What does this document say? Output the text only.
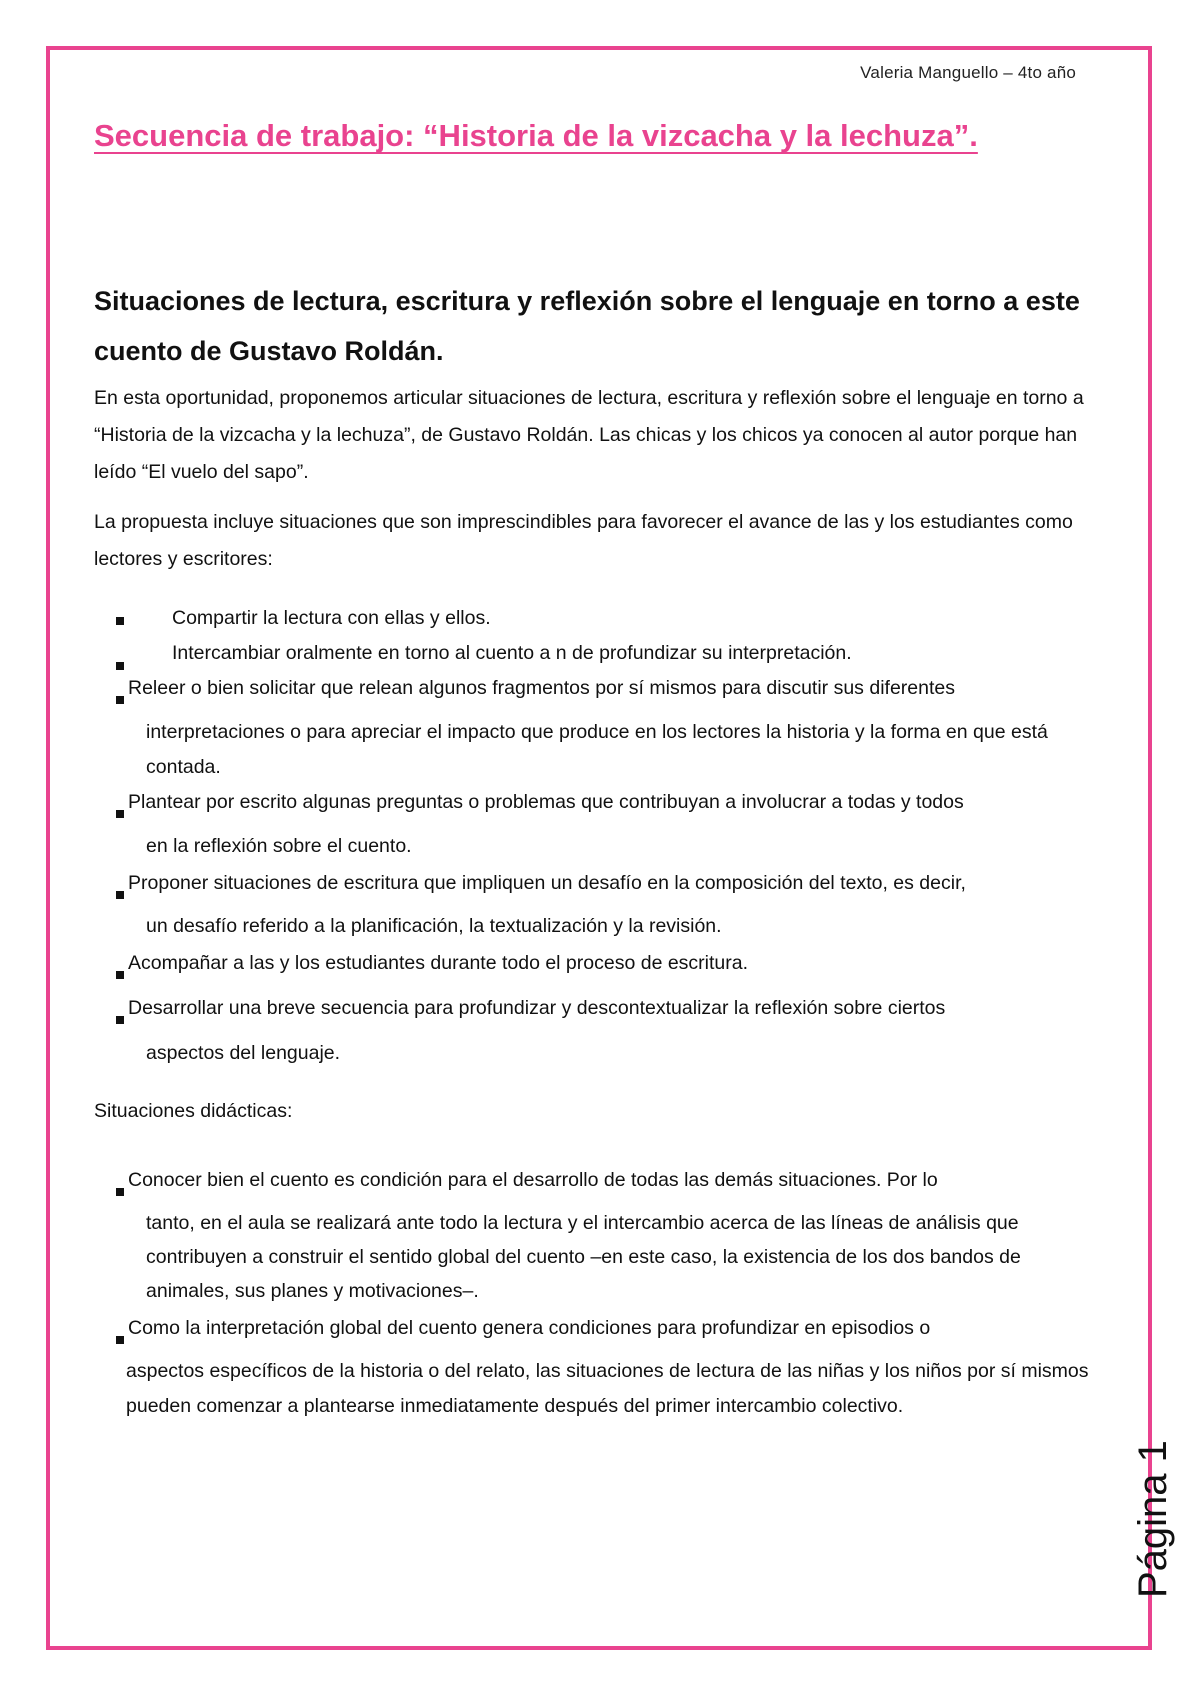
Valeria Manguello – 4to año
Secuencia de trabajo: “Historia de la vizcacha y la lechuza”.
Situaciones de lectura, escritura y reflexión sobre el lenguaje en torno a este cuento de Gustavo Roldán.
En esta oportunidad, proponemos articular situaciones de lectura, escritura y reflexión sobre el lenguaje en torno a “Historia de la vizcacha y la lechuza”, de Gustavo Roldán. Las chicas y los chicos ya conocen al autor porque han leído “El vuelo del sapo”.
La propuesta incluye situaciones que son imprescindibles para favorecer el avance de las y los estudiantes como lectores y escritores:
Compartir la lectura con ellas y ellos.
Intercambiar oralmente en torno al cuento a n de profundizar su interpretación.
Releer o bien solicitar que relean algunos fragmentos por sí mismos para discutir sus diferentes
interpretaciones o para apreciar el impacto que produce en los lectores la historia y la forma en que está contada.
Plantear por escrito algunas preguntas o problemas que contribuyan a involucrar a todas y todos
en la reflexión sobre el cuento.
Proponer situaciones de escritura que impliquen un desafío en la composición del texto, es decir,
un desafío referido a la planificación, la textualización y la revisión.
Acompañar a las y los estudiantes durante todo el proceso de escritura.
Desarrollar una breve secuencia para profundizar y descontextualizar la reflexión sobre ciertos
aspectos del lenguaje.
Situaciones didácticas:
Conocer bien el cuento es condición para el desarrollo de todas las demás situaciones. Por lo
tanto, en el aula se realizará ante todo la lectura y el intercambio acerca de las líneas de análisis que contribuyen a construir el sentido global del cuento –en este caso, la existencia de los dos bandos de animales, sus planes y motivaciones–.
Como la interpretación global del cuento genera condiciones para profundizar en episodios o
aspectos específicos de la historia o del relato, las situaciones de lectura de las niñas y los niños por sí mismos pueden comenzar a plantearse inmediatamente después del primer intercambio colectivo.
Página 1
